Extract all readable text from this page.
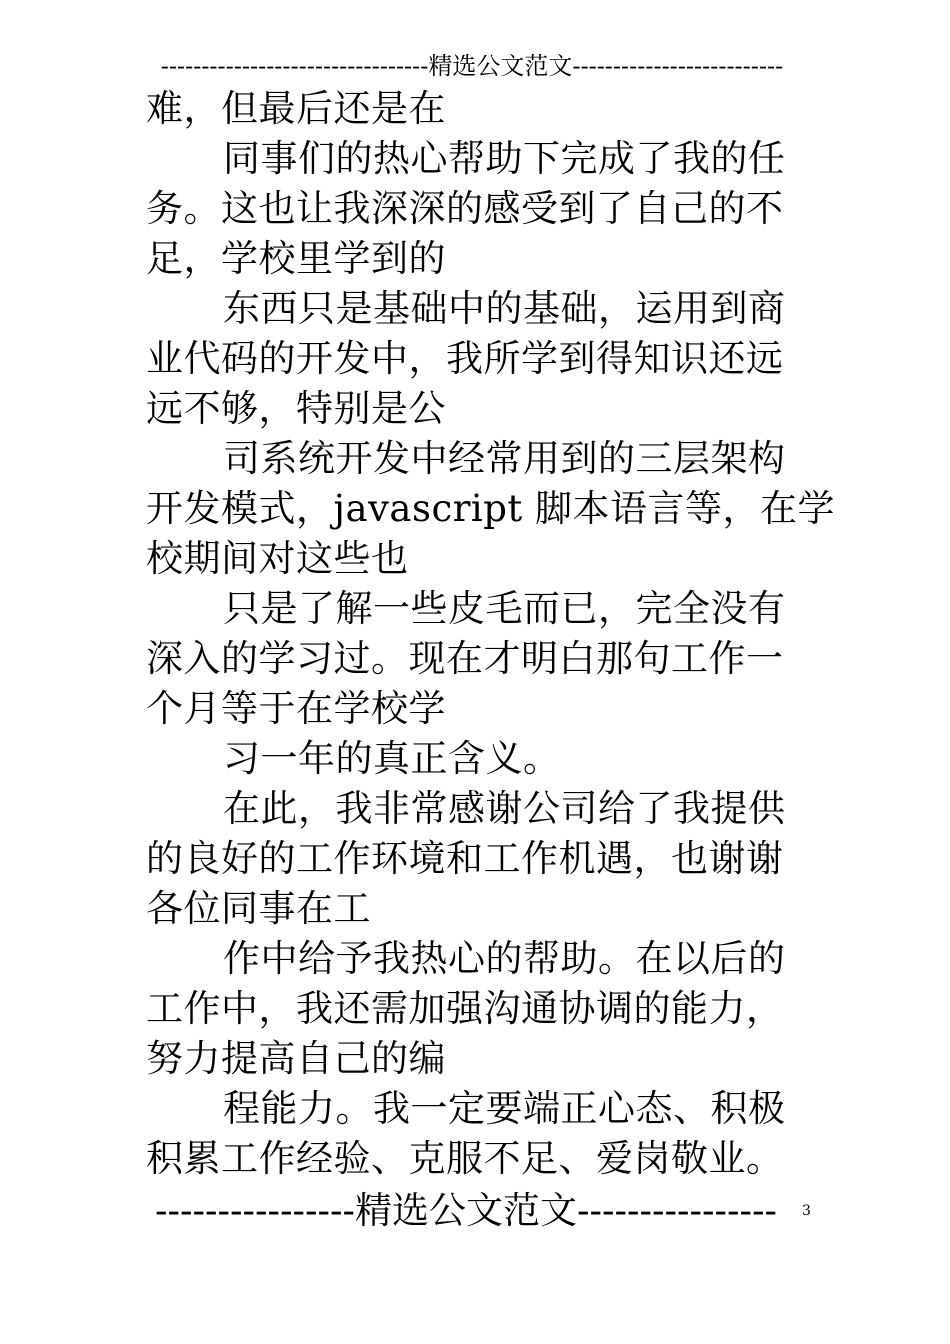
---------------------------------精选公文范文--------------------------
难，但最后还是在
同事们的热心帮助下完成了我的任
务。这也让我深深的感受到了自己的不
足，学校里学到的
东西只是基础中的基础，运用到商
业代码的开发中，我所学到得知识还远
远不够，特别是公
司系统开发中经常用到的三层架构
开发模式，javascript 脚本语言等，在学
校期间对这些也
只是了解一些皮毛而已，完全没有
深入的学习过。现在才明白那句工作一
个月等于在学校学
习一年的真正含义。
在此，我非常感谢公司给了我提供
的良好的工作环境和工作机遇，也谢谢
各位同事在工
作中给予我热心的帮助。在以后的
工作中，我还需加强沟通协调的能力，
努力提高自己的编
程能力。我一定要端正心态、积极
积累工作经验、克服不足、爱岗敬业。
----------------精选公文范文----------------	3
